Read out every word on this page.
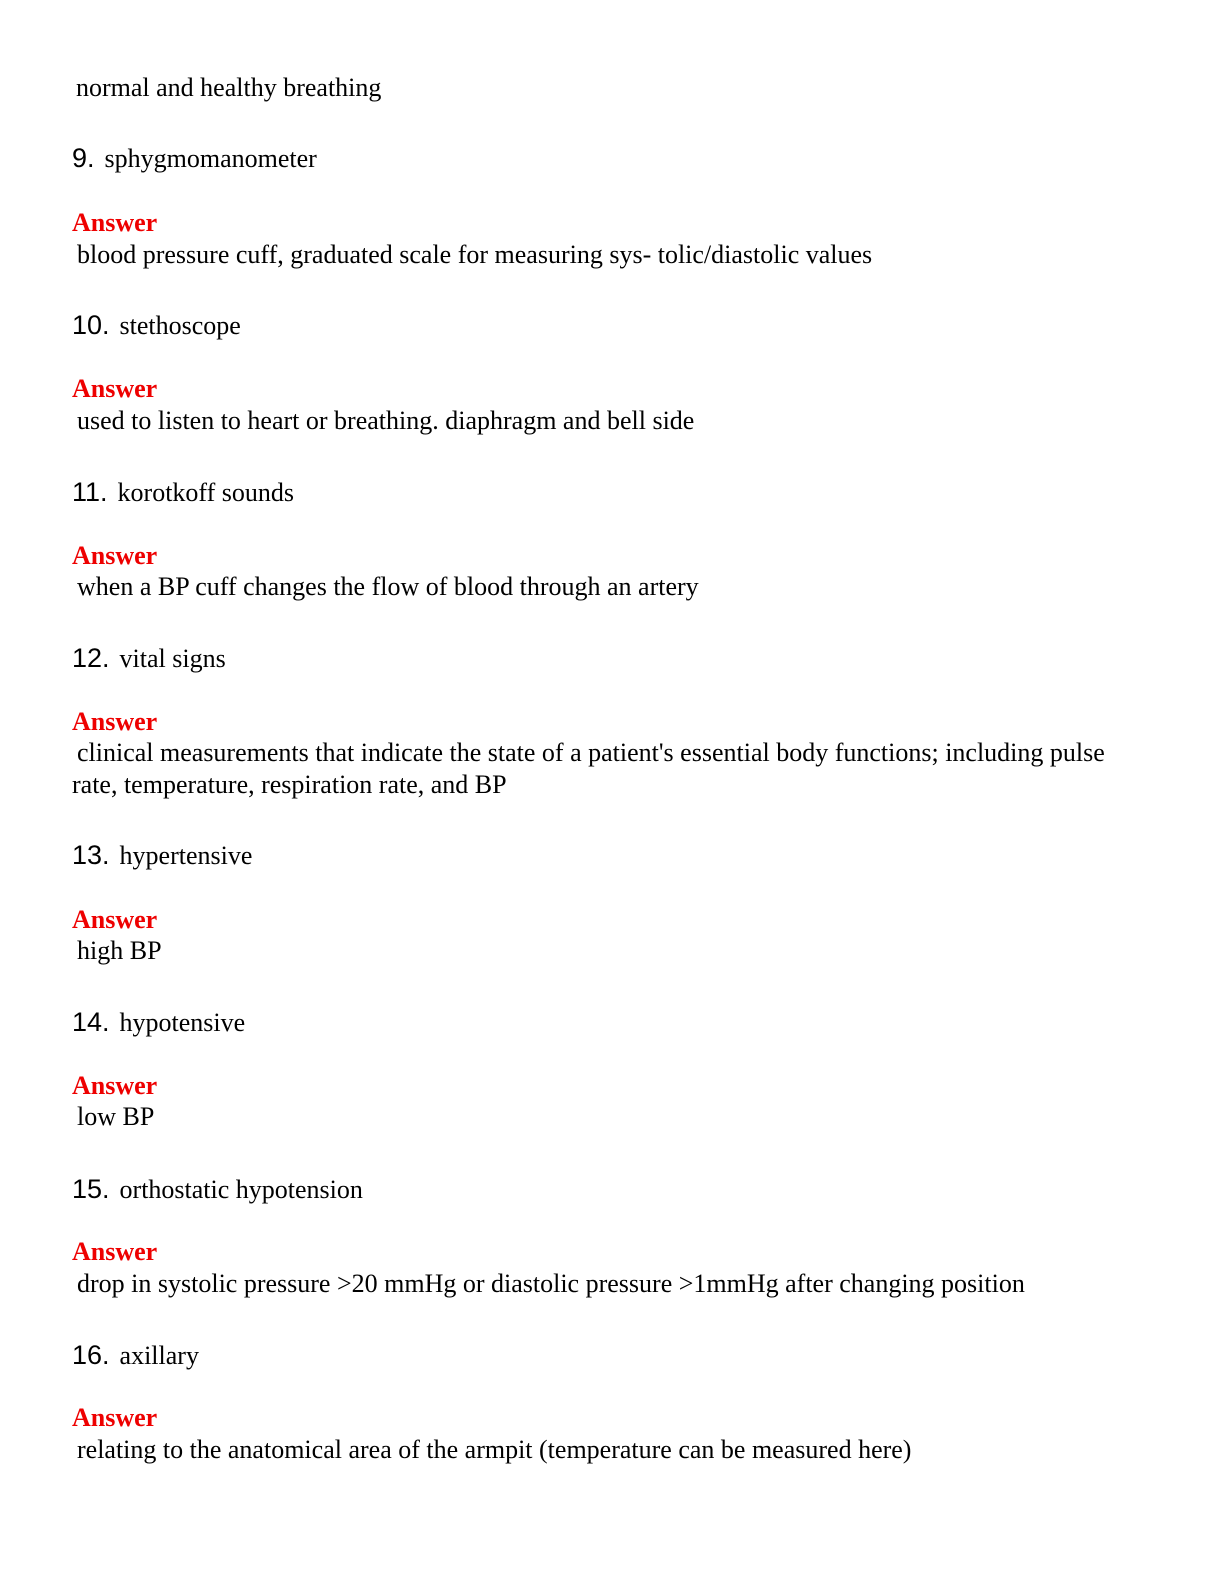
normal and healthy breathing
9. sphygmomanometer
Answer
blood pressure cuff, graduated scale for measuring sys- tolic/diastolic values
10. stethoscope
Answer
used to listen to heart or breathing. diaphragm and bell side
11. korotkoff sounds
Answer
when a BP cuff changes the flow of blood through an artery
12. vital signs
Answer
clinical measurements that indicate the state of a patient's essential body functions; including pulse rate, temperature, respiration rate, and BP
13. hypertensive
Answer
high BP
14. hypotensive
Answer
low BP
15. orthostatic hypotension
Answer
drop in systolic pressure >20 mmHg or diastolic pressure >1mmHg after changing position
16. axillary
Answer
relating to the anatomical area of the armpit (temperature can be measured here)
